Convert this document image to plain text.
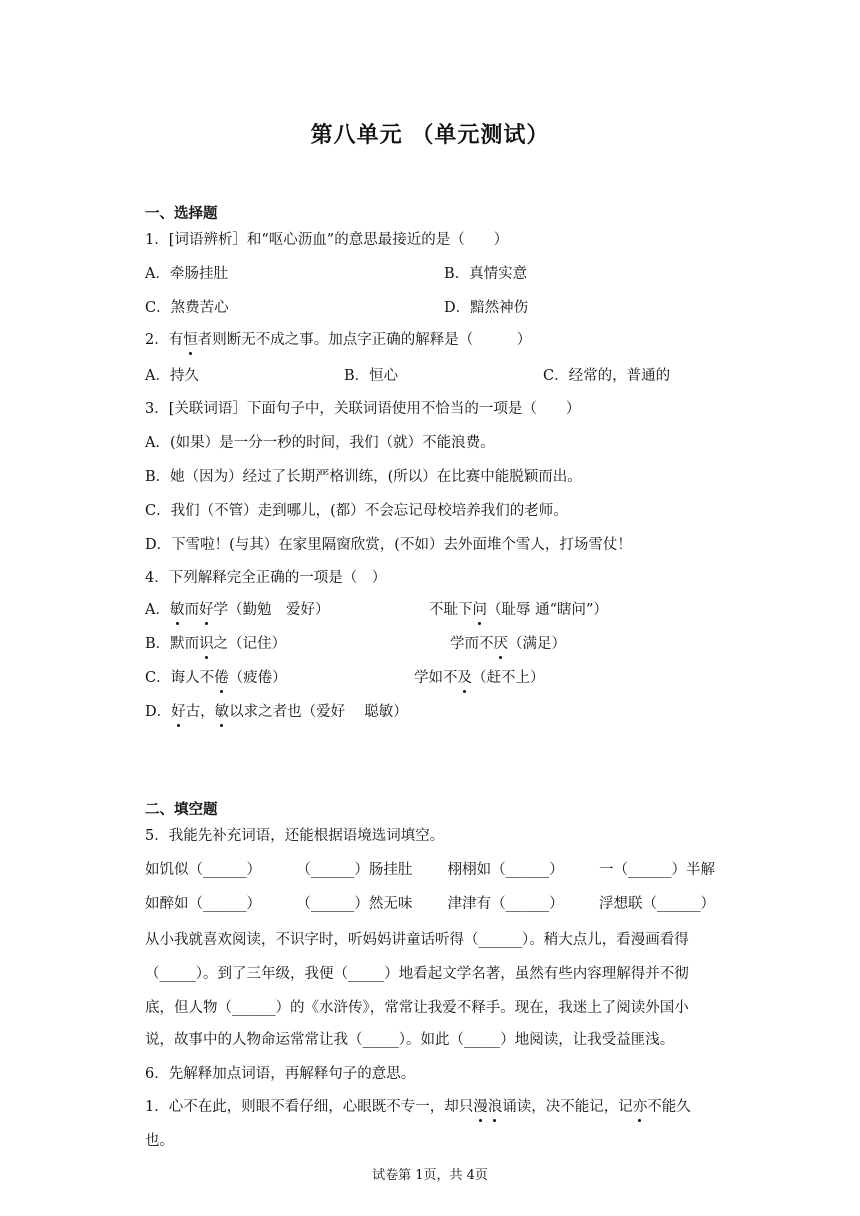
第八单元 （单元测试）
一、选择题
1．[词语辨析］和“呕心沥血”的意思最接近的是（　　）
A．牵肠挂肚	B．真情实意
C．煞费苦心	D．黯然神伤
2．有恒者则断无不成之事。加点字正确的解释是（　　　）
A．持久	B．恒心	C．经常的，普通的
3．[关联词语］下面句子中，关联词语使用不恰当的一项是（　　）
A．(如果）是一分一秒的时间，我们（就）不能浪费。
B．她（因为）经过了长期严格训练，(所以）在比赛中能脱颖而出。
C．我们（不管）走到哪儿，(都）不会忘记母校培养我们的老师。
D．下雪啦！(与其）在家里隔窗欣赏，(不如）去外面堆个雪人，打场雪仗！
4．下列解释完全正确的一项是（　）
A．敏而好学（勤勉　爱好）	不耻下问（耻辱 通“瞎问”）
B．默而识之（记住）	学而不厌（满足）
C．诲人不倦（疲倦）	学如不及（赶不上）
D．好古，敏以求之者也（爱好　 聪敏）
二、填空题
5．我能先补充词语，还能根据语境选词填空。
如饥似（______） （______）肠挂肚 栩栩如（______） 一（______）半解
如醉如（______） （______）然无味 津津有（______） 浮想联（______）
从小我就喜欢阅读，不识字时，听妈妈讲童话听得（______）。稍大点儿，看漫画看得
（_____）。到了三年级，我便（_____）地看起文学名著，虽然有些内容理解得并不彻
底，但人物（______）的《水浒传》，常常让我爱不释手。现在，我迷上了阅读外国小
说，故事中的人物命运常常让我（_____）。如此（_____）地阅读，让我受益匪浅。
6．先解释加点词语，再解释句子的意思。
1．心不在此，则眼不看仔细，心眼既不专一，却只漫浪诵读，决不能记，记亦不能久
也。
试卷第 1页，共 4页
